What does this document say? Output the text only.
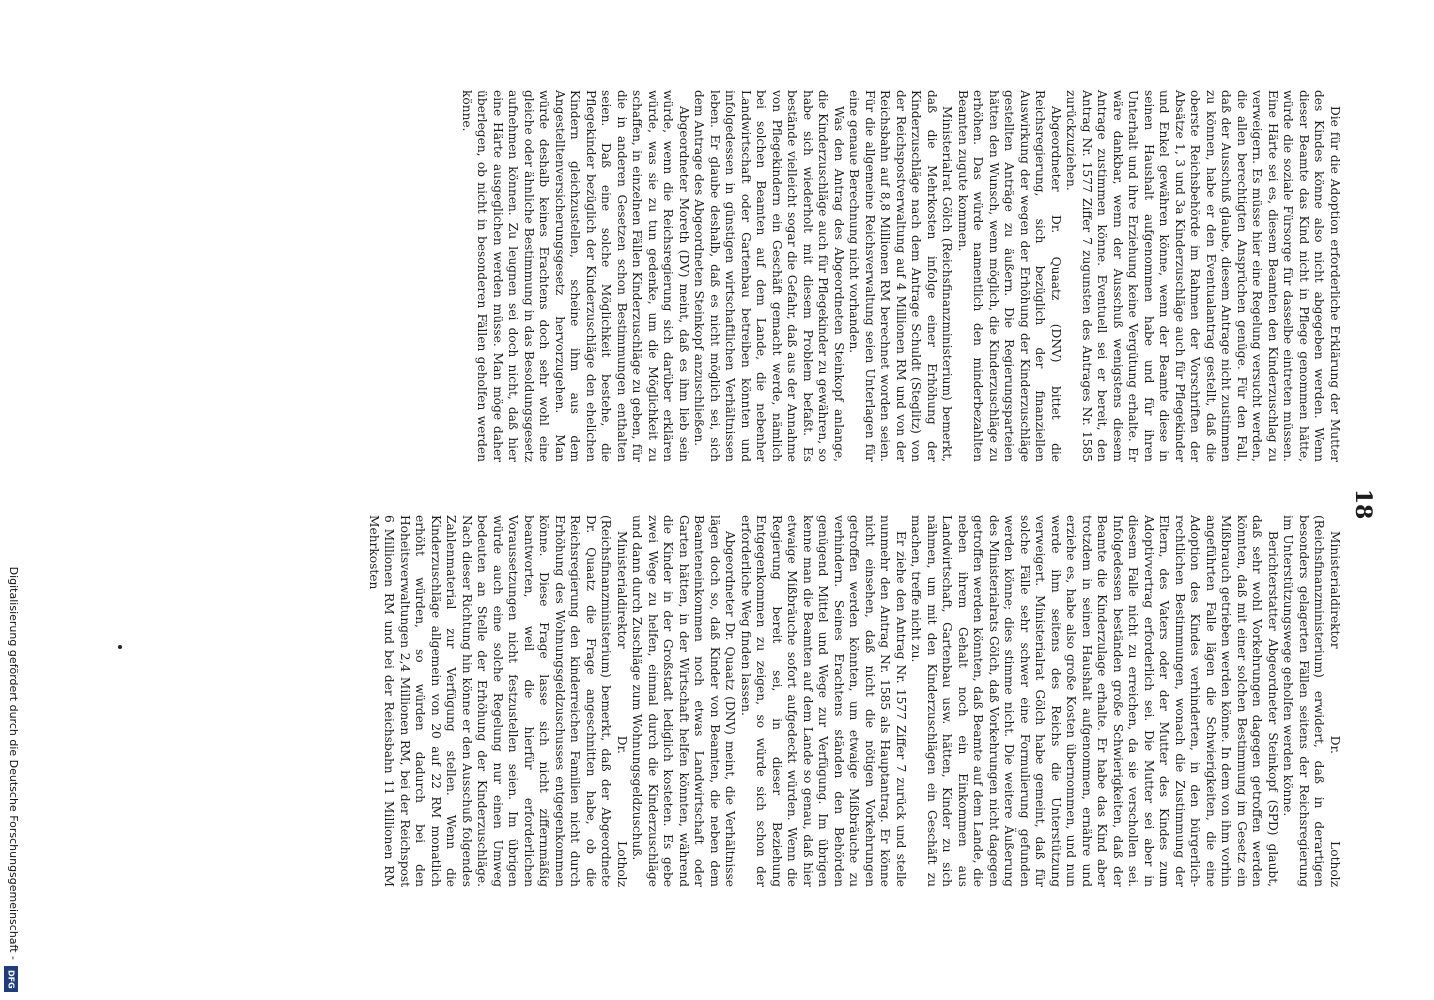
18

Die für die Adoption erforderliche Erklärung der Mutter des Kindes könne also nicht abgegeben werden. Wenn dieser Beamte das Kind nicht in Pflege genommen hätte, würde die soziale Fürsorge für dasselbe eintreten müssen. Eine Härte sei es, diesem Beamten den Kinderzuschlag zu verweigern. Es müsse hier eine Regelung versucht werden, die allen berechtigten Ansprüchen genüge. Für den Fall, daß der Ausschuß glaube, diesem Antrage nicht zustimmen zu können, habe er den Eventualantrag gestellt, daß die oberste Reichsbehörde im Rahmen der Vorschriften der Absätze 1, 3 und 3a Kinderzuschläge auch für Pflegekinder und Enkel gewähren könne, wenn der Beamte diese in seinen Haushalt aufgenommen habe und für ihren Unterhalt und ihre Erziehung keine Vergütung erhalte. Er wäre dankbar, wenn der Ausschuß wenigstens diesem Antrage zustimmen könne. Eventuell sei er bereit, den Antrag Nr. 1577 Ziffer 7 zugunsten des Antrages Nr. 1585 zurückzuziehen.

Abgeordneter Dr. Quaatz (DNV) bittet die Reichsregierung, sich bezüglich der finanziellen Auswirkung der wegen der Erhöhung der Kinderzuschläge gestellten Anträge zu äußern. Die Regierungsparteien hätten den Wunsch, wenn möglich, die Kinderzuschläge zu erhöhen. Das würde namentlich den minderbezahlten Beamten zugute kommen.

Ministerialrat Gölch (Reichsfinanzministerium) bemerkt, daß die Mehrkosten infolge einer Erhöhung der Kinderzuschläge nach dem Antrage Schuldt (Steglitz) von der Reichspostverwaltung auf 4 Millionen RM und von der Reichsbahn auf 8,8 Millionen RM berechnet worden seien. Für die allgemeine Reichsverwaltung seien Unterlagen für eine genaue Berechnung nicht vorhanden.

Was den Antrag des Abgeordneten Steinkopf anlange, die Kinderzuschläge auch für Pflegekinder zu gewähren, so habe sich wiederholt mit diesem Problem befaßt. Es bestände vielleicht sogar die Gefahr, daß aus der Annahme von Pflegekindern ein Geschäft gemacht werde, nämlich bei solchen Beamten auf dem Lande, die nebenher Landwirtschaft oder Gartenbau betreiben könnten und infolgedessen in günstigen wirtschaftlichen Verhältnissen leben. Er glaube deshalb, daß es nicht möglich sei, sich dem Antrage des Abgeordneten Steinkopf anzuschließen.

Abgeordneter Moreth (DV) meint, daß es ihm lieb sein würde, wenn die Reichsregierung sich darüber erklären würde, was sie zu tun gedenke, um die Möglichkeit zu schaffen, in einzelnen Fällen Kinderzuschläge zu geben, für die in anderen Gesetzen schon Bestimmungen enthalten seien. Daß eine solche Möglichkeit bestehe, die Pflegekinder bezüglich der Kinderzuschläge den ehelichen Kindern gleichzustellen, scheine ihm aus dem Angestelltenversicherungsgesetz hervorzugehen. Man würde deshalb keines Erachtens doch sehr wohl eine gleiche oder ähnliche Bestimmung in das Besoldungsgesetz aufnehmen können. Zu leugnen sei doch nicht, daß hier eine Härte ausgeglichen werden müsse. Man möge daher überlegen, ob nicht in besonderen Fällen geholfen werden könne.

Ministerialdirektor Dr. Lotholz (Reichsfinanzministerium) erwidert, daß in derartigen besonders gelagerten Fällen seitens der Reichsregierung im Unterstützungswege geholfen werden könne.

Berichterstatter Abgeordneter Steinkopf (SPD) glaubt, daß sehr wohl Vorkehrungen dagegen getroffen werden könnten, daß mit einer solchen Bestimmung im Gesetz ein Mißbrauch getrieben werden könne. In dem von ihm vorhin angeführten Falle lägen die Schwierigkeiten, die eine Adoption des Kindes verhinderten, in den bürgerlich-rechtlichen Bestimmungen, wonach die Zustimmung der Eltern, des Vaters oder der Mutter des Kindes zum Adoptivvertrag erforderlich sei. Die Mutter sei aber in diesem Falle nicht zu erreichen, da sie verschollen sei. Infolgedessen beständen große Schwierigkeiten, daß der Beamte die Kinderzulage erhalte. Er habe das Kind aber trotzdem in seinen Haushalt aufgenommen, ernähre und erziehe es, habe also große Kosten übernommen, und nun werde ihm seitens des Reichs die Unterstützung verweigert. Ministerialrat Gölch habe gemeint, daß für solche Fälle sehr schwer eine Formulierung gefunden werden könne; dies stimme nicht. Die weitere Äußerung des Ministerialrats Gölch, daß Vorkehrungen nicht dagegen getroffen werden könnten, daß Beamte auf dem Lande, die neben ihrem Gehalt noch ein Einkommen aus Landwirtschaft, Gartenbau usw. hätten, Kinder zu sich nähmen, um mit den Kinderzuschlägen ein Geschäft zu machen, treffe nicht zu.

Er ziehe den Antrag Nr. 1577 Ziffer 7 zurück und stelle nunmehr den Antrag Nr. 1585 als Hauptantrag. Er könne nicht einsehen, daß nicht die nötigen Vorkehrungen getroffen werden könnten, um etwaige Mißbräuche zu verhindern. Seines Erachtens ständen den Behörden genügend Mittel und Wege zur Verfügung. Im übrigen kenne man die Beamten auf dem Lande so genau, daß hier etwaige Mißbräuche sofort aufgedeckt würden. Wenn die Regierung bereit sei, in dieser Beziehung Entgegenkommen zu zeigen, so würde sich schon der erforderliche Weg finden lassen.

Abgeordneter Dr. Quaatz (DNV) meint, die Verhältnisse lägen doch so, daß Kinder von Beamten, die neben dem Beamteneinkommen noch etwas Landwirtschaft oder Garten hätten, in der Wirtschaft helfen könnten, während die Kinder in der Großstadt lediglich kosteten. Es gebe zwei Wege zu helfen, einmal durch die Kinderzuschläge und dann durch Zuschläge zum Wohnungsgeldzuschuß.

Ministerialdirektor Dr. Lotholz (Reichsfinanzministerium) bemerkt, daß der Abgeordnete Dr. Quaatz die Frage angeschnitten habe, ob die Reichsregierung den kinderreichen Familien nicht durch Erhöhung des Wohnungsgeldzuschusses entgegenkommen könne. Diese Frage lasse sich nicht ziffernmäßig beantworten, weil die hierfür erforderlichen Voraussetzungen nicht festzustellen seien. Im übrigen würde auch eine solche Regelung nur einen Umweg bedeuten an Stelle der Erhöhung der Kinderzuschläge. Nach dieser Richtung hin könne er den Ausschuß folgendes Zahlenmaterial zur Verfügung stellen. Wenn die Kinderzuschläge allgemein von 20 auf 22 RM monatlich erhöht würden, so würden dadurch bei den Hoheitsverwaltungen 2,4 Millionen RM, bei der Reichspost 6 Millionen RM und bei der Reichsbahn 11 Millionen RM Mehrkosten

Digitalisierung gefördert durch die Deutsche Forschungsgemeinschaft -
DFG
